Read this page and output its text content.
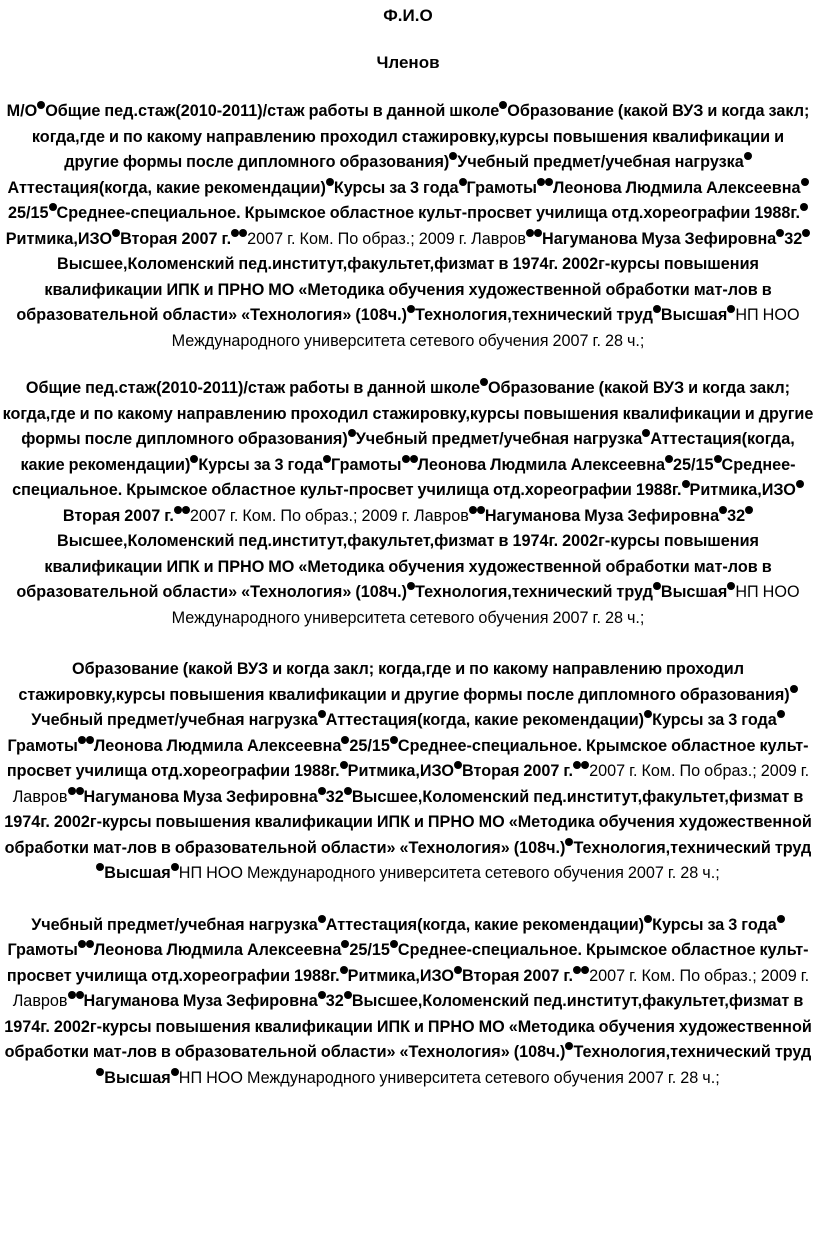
Ф.И.О
Членов
М/О Общие пед.стаж(2010-2011)/стаж работы в данной школе Образование (какой ВУЗ и когда закл; когда,где и по какому направлению проходил стажировку,курсы повышения квалификации и другие формы после дипломного образования) Учебный предмет/учебная нагрузкаАттестация(когда, какие рекомендации) Курсы за 3 года Грамоты Леонова Людмила Алексеевна25/15 Среднее-специальное. Крымское областное культ-просвет училища отд.хореографии 1988г.Ритмика,ИЗО Вторая 2007 г. 2007 г. Ком. По образ.; 2009 г. Лавров Нагуманова Муза Зефировна 32Высшее,Коломенский пед.институт,факультет,физмат в 1974г. 2002г-курсы повышения квалификации ИПК и ПРНО МО «Методика обучения художественной обработки мат-лов в образовательной области» «Технология» (108ч.) Технология,технический труд Высшая НП НОО Международного университета сетевого обучения 2007 г. 28 ч.;
Общие пед.стаж(2010-2011)/стаж работы в данной школе Образование (какой ВУЗ и когда закл; когда,где и по какому направлению проходил стажировку,курсы повышения квалификации и другие формы после дипломного образования) Учебный предмет/учебная нагрузка Аттестация(когда, какие рекомендации) Курсы за 3 года Грамоты Леонова Людмила Алексеевна 25/15 Среднее-специальное. Крымское областное культ-просвет училища отд.хореографии 1988г. Ритмика,ИЗОВторая 2007 г. 2007 г. Ком. По образ.; 2009 г. Лавров Нагуманова Муза Зефировна 32Высшее,Коломенский пед.институт,факультет,физмат в 1974г. 2002г-курсы повышения квалификации ИПК и ПРНО МО «Методика обучения художественной обработки мат-лов в образовательной области» «Технология» (108ч.) Технология,технический труд Высшая НП НОО Международного университета сетевого обучения 2007 г. 28 ч.;
Образование (какой ВУЗ и когда закл; когда,где и по какому направлению проходил стажировку,курсы повышения квалификации и другие формы после дипломного образования)Учебный предмет/учебная нагрузка Аттестация(когда, какие рекомендации) Курсы за 3 годаГрамоты Леонова Людмила Алексеевна 25/15 Среднее-специальное. Крымское областное культ-просвет училища отд.хореографии 1988г. Ритмика,ИЗО Вторая 2007 г. 2007 г. Ком. По образ.; 2009 г. Лавров Нагуманова Муза Зефировна 32 Высшее,Коломенский пед.институт,факультет,физмат в 1974г. 2002г-курсы повышения квалификации ИПК и ПРНО МО «Методика обучения художественной обработки мат-лов в образовательной области» «Технология» (108ч.) Технология,технический трудВысшая НП НОО Международного университета сетевого обучения 2007 г. 28 ч.;
Учебный предмет/учебная нагрузка Аттестация(когда, какие рекомендации) Курсы за 3 годаГрамоты Леонова Людмила Алексеевна 25/15 Среднее-специальное. Крымское областное культ-просвет училища отд.хореографии 1988г. Ритмика,ИЗО Вторая 2007 г. 2007 г. Ком. По образ.; 2009 г. Лавров Нагуманова Муза Зефировна 32 Высшее,Коломенский пед.институт,факультет,физмат в 1974г. 2002г-курсы повышения квалификации ИПК и ПРНО МО «Методика обучения художественной обработки мат-лов в образовательной области» «Технология» (108ч.) Технология,технический трудВысшая НП НОО Международного университета сетевого обучения 2007 г. 28 ч.;
